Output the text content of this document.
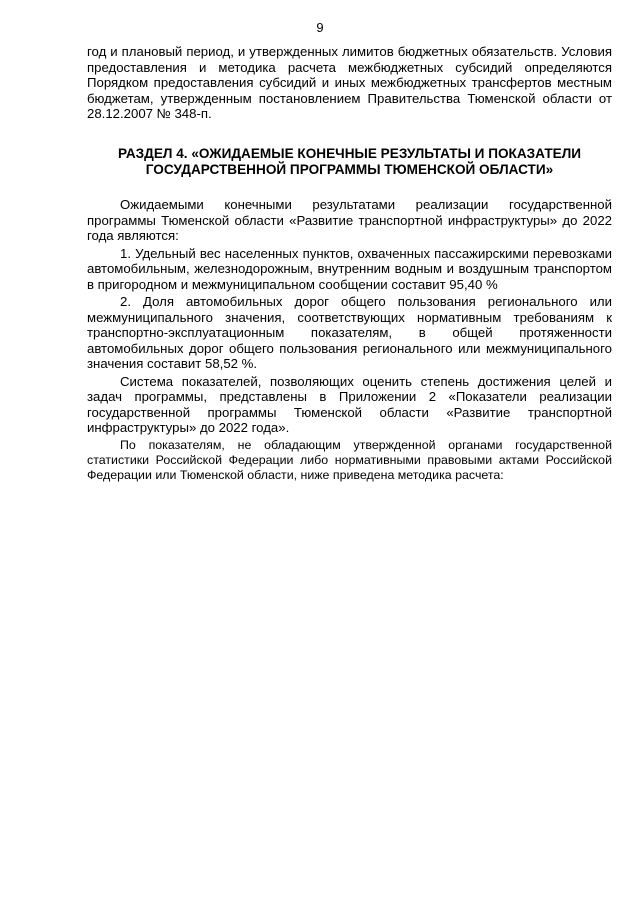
9

год и плановый период, и утвержденных лимитов бюджетных обязательств. Условия предоставления и методика расчета межбюджетных субсидий определяются Порядком предоставления субсидий и иных межбюджетных трансфертов местным бюджетам, утвержденным постановлением Правительства Тюменской области от 28.12.2007 № 348-п.

РАЗДЕЛ 4. «ОЖИДАЕМЫЕ КОНЕЧНЫЕ РЕЗУЛЬТАТЫ И ПОКАЗАТЕЛИ
ГОСУДАРСТВЕННОЙ ПРОГРАММЫ ТЮМЕНСКОЙ ОБЛАСТИ»

Ожидаемыми конечными результатами реализации государственной программы Тюменской области «Развитие транспортной инфраструктуры» до 2022 года являются:

1. Удельный вес населенных пунктов, охваченных пассажирскими перевозками автомобильным, железнодорожным, внутренним водным и воздушным транспортом в пригородном и межмуниципальном сообщении составит 95,40 %

2. Доля автомобильных дорог общего пользования регионального или межмуниципального значения, соответствующих нормативным требованиям к транспортно-эксплуатационным показателям, в общей протяженности автомобильных дорог общего пользования регионального или межмуниципального значения составит 58,52 %.

Система показателей, позволяющих оценить степень достижения целей и задач программы, представлены в Приложении 2 «Показатели реализации государственной программы Тюменской области «Развитие транспортной инфраструктуры» до 2022 года».

По показателям, не обладающим утвержденной органами государственной статистики Российской Федерации либо нормативными правовыми актами Российской Федерации или Тюменской области, ниже приведена методика расчета:
